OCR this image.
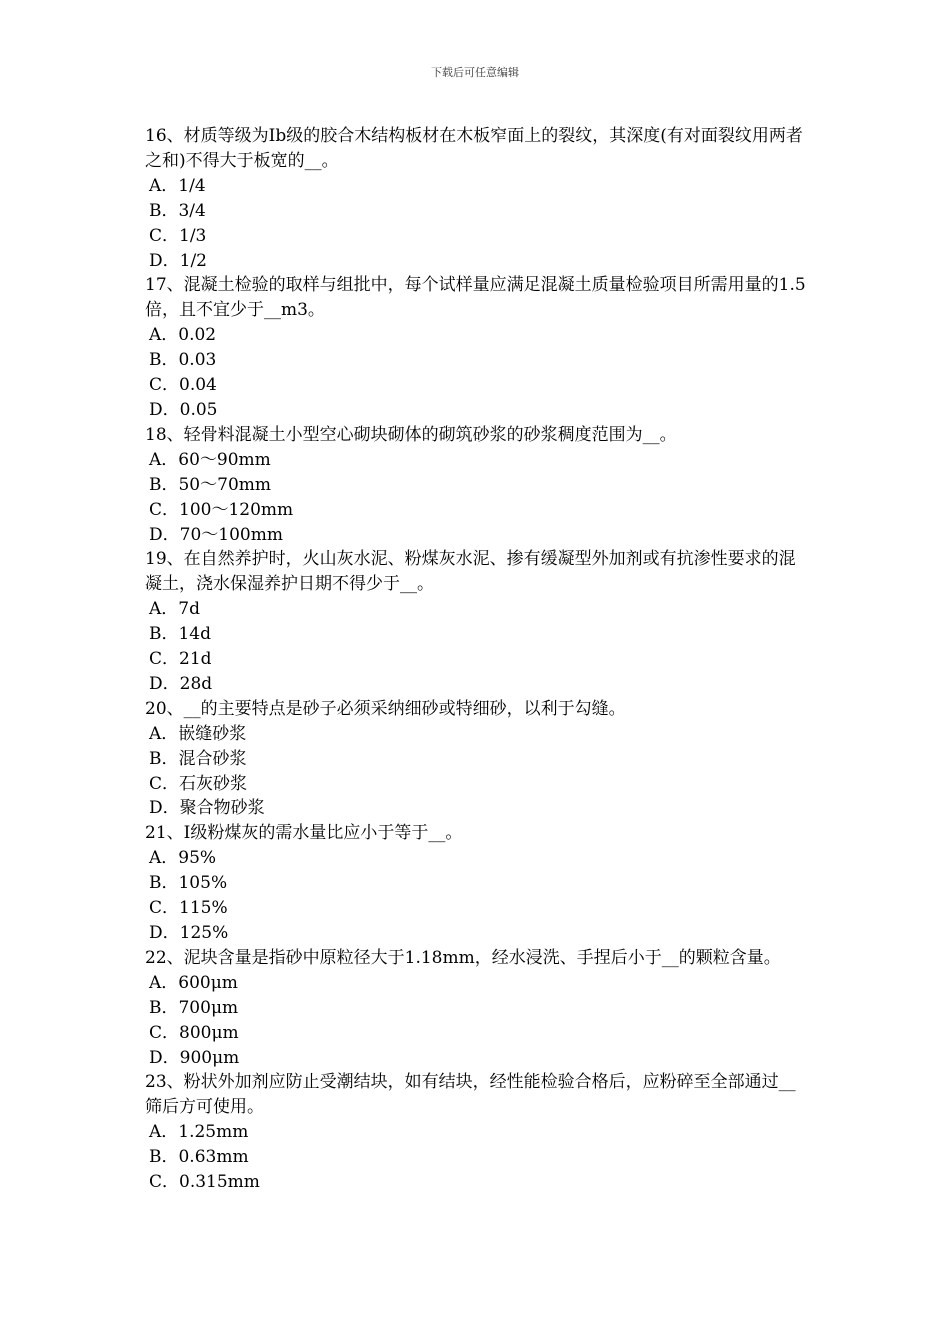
下载后可任意编辑

16、材质等级为Ⅰb级的胶合木结构板材在木板窄面上的裂纹，其深度(有对面裂纹用两者之和)不得大于板宽的__。

A．1/4

B．3/4

C．1/3

D．1/2

17、混凝土检验的取样与组批中，每个试样量应满足混凝土质量检验项目所需用量的1.5倍，且不宜少于__m3。

A．0.02

B．0.03

C．0.04

D．0.05

18、轻骨料混凝土小型空心砌块砌体的砌筑砂浆的砂浆稠度范围为__。

A．60～90mm

B．50～70mm

C．100～120mm

D．70～100mm

19、在自然养护时，火山灰水泥、粉煤灰水泥、掺有缓凝型外加剂或有抗渗性要求的混凝土，浇水保湿养护日期不得少于__。

A．7d

B．14d

C．21d

D．28d

20、__的主要特点是砂子必须采纳细砂或特细砂，以利于勾缝。

A．嵌缝砂浆

B．混合砂浆

C．石灰砂浆

D．聚合物砂浆

21、Ⅰ级粉煤灰的需水量比应小于等于__。

A．95%

B．105%

C．115%

D．125%

22、泥块含量是指砂中原粒径大于1.18mm，经水浸洗、手捏后小于__的颗粒含量。

A．600μm

B．700μm

C．800μm

D．900μm

23、粉状外加剂应防止受潮结块，如有结块，经性能检验合格后，应粉碎至全部通过__筛后方可使用。

A．1.25mm

B．0.63mm

C．0.315mm
